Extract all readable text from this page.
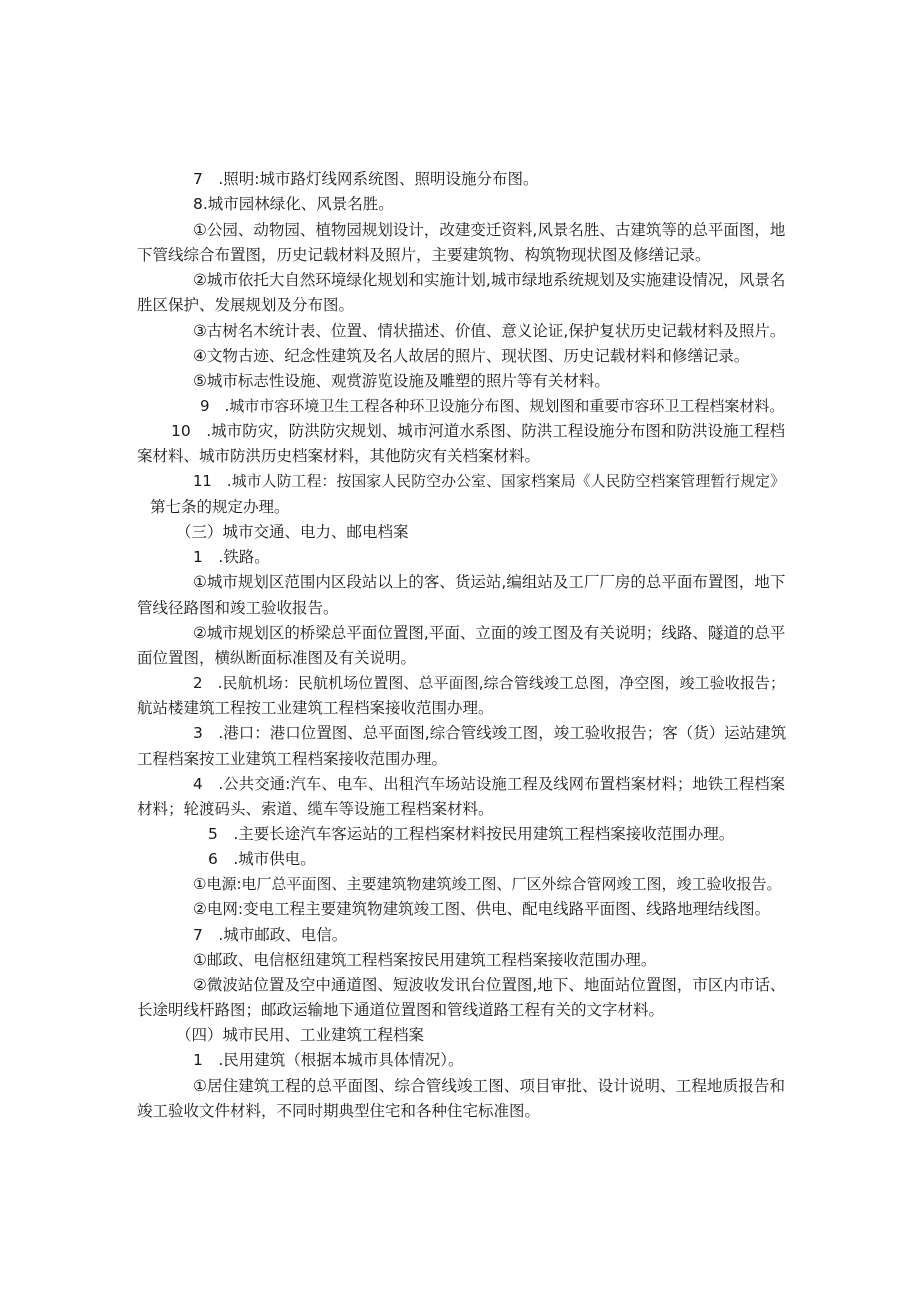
7　.照明:城市路灯线网系统图、照明设施分布图。
8.城市园林绿化、风景名胜。
①公园、动物园、植物园规划设计，改建变迁资料,风景名胜、古建筑等的总平面图，地
下管线综合布置图，历史记载材料及照片，主要建筑物、构筑物现状图及修缮记录。
②城市依托大自然环境绿化规划和实施计划,城市绿地系统规划及实施建设情况，风景名
胜区保护、发展规划及分布图。
③古树名木统计表、位置、情状描述、价值、意义论证,保护复状历史记载材料及照片。
④文物古迹、纪念性建筑及名人故居的照片、现状图、历史记载材料和修缮记录。
⑤城市标志性设施、观赏游览设施及雕塑的照片等有关材料。
9　.城市市容环境卫生工程各种环卫设施分布图、规划图和重要市容环卫工程档案材料。
10　.城市防灾，防洪防灾规划、城市河道水系图、防洪工程设施分布图和防洪设施工程档
案材料、城市防洪历史档案材料，其他防灾有关档案材料。
11　.城市人防工程：按国家人民防空办公室、国家档案局《人民防空档案管理暂行规定》
第七条的规定办理。
（三）城市交通、电力、邮电档案
1　.铁路。
①城市规划区范围内区段站以上的客、货运站,编组站及工厂厂房的总平面布置图，地下
管线径路图和竣工验收报告。
②城市规划区的桥梁总平面位置图,平面、立面的竣工图及有关说明；线路、隧道的总平
面位置图，横纵断面标准图及有关说明。
2　.民航机场：民航机场位置图、总平面图,综合管线竣工总图，净空图，竣工验收报告；
航站楼建筑工程按工业建筑工程档案接收范围办理。
3　.港口：港口位置图、总平面图,综合管线竣工图，竣工验收报告；客（货）运站建筑
工程档案按工业建筑工程档案接收范围办理。
4　.公共交通:汽车、电车、出租汽车场站设施工程及线网布置档案材料；地铁工程档案
材料；轮渡码头、索道、缆车等设施工程档案材料。
5　.主要长途汽车客运站的工程档案材料按民用建筑工程档案接收范围办理。
6　.城市供电。
①电源:电厂总平面图、主要建筑物建筑竣工图、厂区外综合管网竣工图，竣工验收报告。
②电网:变电工程主要建筑物建筑竣工图、供电、配电线路平面图、线路地理结线图。
7　.城市邮政、电信。
①邮政、电信枢纽建筑工程档案按民用建筑工程档案接收范围办理。
②微波站位置及空中通道图、短波收发讯台位置图,地下、地面站位置图，市区内市话、
长途明线杆路图；邮政运输地下通道位置图和管线道路工程有关的文字材料。
（四）城市民用、工业建筑工程档案
1　.民用建筑（根据本城市具体情况）。
①居住建筑工程的总平面图、综合管线竣工图、项目审批、设计说明、工程地质报告和
竣工验收文件材料，不同时期典型住宅和各种住宅标准图。
